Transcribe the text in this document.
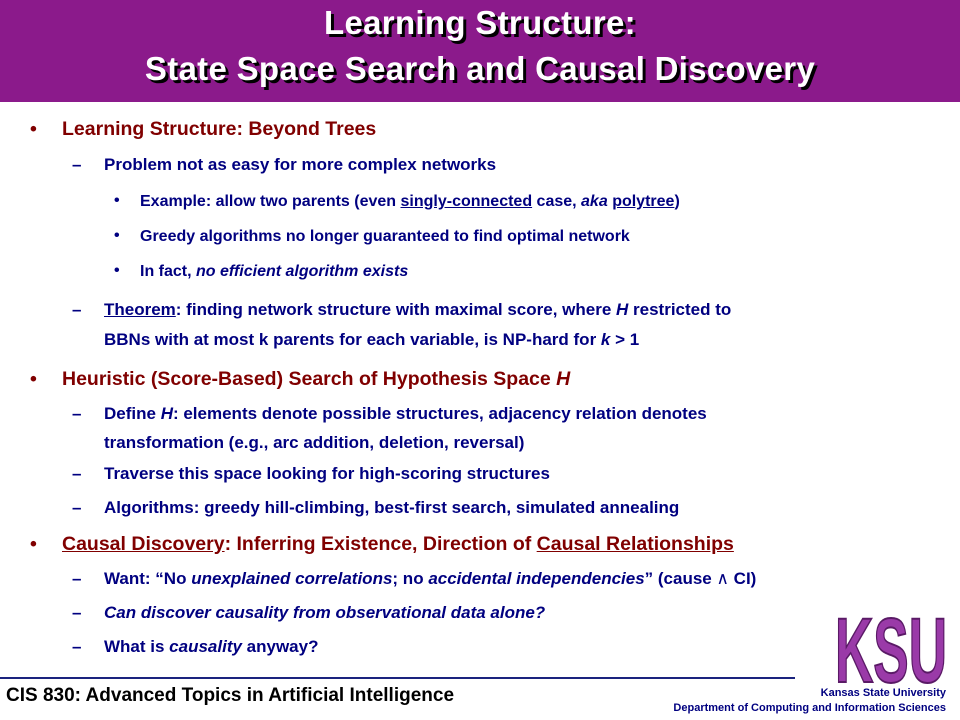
Learning Structure:
State Space Search and Causal Discovery
• Learning Structure: Beyond Trees
– Problem not as easy for more complex networks
• Example: allow two parents (even singly-connected case, aka polytree)
• Greedy algorithms no longer guaranteed to find optimal network
• In fact, no efficient algorithm exists
– Theorem: finding network structure with maximal score, where H restricted to
BBNs with at most k parents for each variable, is NP-hard for k > 1
• Heuristic (Score-Based) Search of Hypothesis Space H
– Define H: elements denote possible structures, adjacency relation denotes
transformation (e.g., arc addition, deletion, reversal)
– Traverse this space looking for high-scoring structures
– Algorithms: greedy hill-climbing, best-first search, simulated annealing
• Causal Discovery: Inferring Existence, Direction of Causal Relationships
– Want: “No unexplained correlations; no accidental independencies” (cause ∧ CI)
– Can discover causality from observational data alone?
– What is causality anyway?	KSU
CIS 830: Advanced Topics in Artificial Intelligence	Kansas State University
Department of Computing and Information Sciences
